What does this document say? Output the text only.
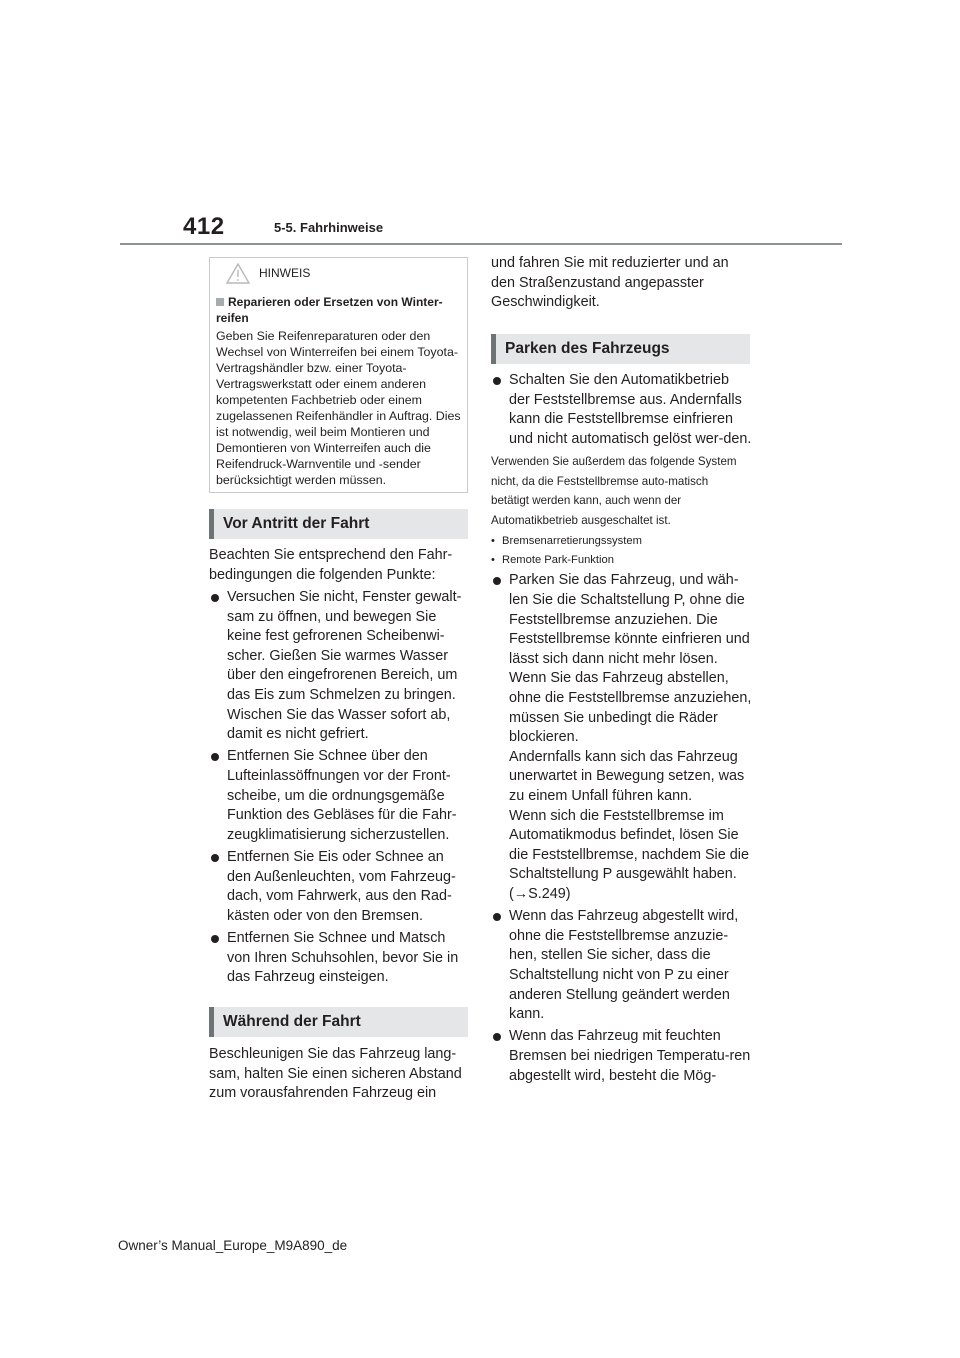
412	5-5. Fahrhinweise
HINWEIS
Reparieren oder Ersetzen von Winter-reifen
Geben Sie Reifenreparaturen oder den Wechsel von Winterreifen bei einem Toyota-Vertragshändler bzw. einer Toyota-Vertragswerkstatt oder einem anderen kompetenten Fachbetrieb oder einem zugelassenen Reifenhändler in Auftrag. Dies ist notwendig, weil beim Montieren und Demontieren von Winterreifen auch die Reifendruck-Warnventile und -sender berücksichtigt werden müssen.
Vor Antritt der Fahrt
Beachten Sie entsprechend den Fahr-bedingungen die folgenden Punkte:
Versuchen Sie nicht, Fenster gewalt-sam zu öffnen, und bewegen Sie keine fest gefrorenen Scheibenwi-scher. Gießen Sie warmes Wasser über den eingefrorenen Bereich, um das Eis zum Schmelzen zu bringen. Wischen Sie das Wasser sofort ab, damit es nicht gefriert.
Entfernen Sie Schnee über den Lufteinlassöffnungen vor der Front-scheibe, um die ordnungsgemäße Funktion des Gebläses für die Fahr-zeugklimatisierung sicherzustellen.
Entfernen Sie Eis oder Schnee an den Außenleuchten, vom Fahrzeug-dach, vom Fahrwerk, aus den Rad-kästen oder von den Bremsen.
Entfernen Sie Schnee und Matsch von Ihren Schuhsohlen, bevor Sie in das Fahrzeug einsteigen.
Während der Fahrt
Beschleunigen Sie das Fahrzeug lang-sam, halten Sie einen sicheren Abstand zum vorausfahrenden Fahrzeug ein
und fahren Sie mit reduzierter und an den Straßenzustand angepasster Geschwindigkeit.
Parken des Fahrzeugs
Schalten Sie den Automatikbetrieb der Feststellbremse aus. Andernfalls kann die Feststellbremse einfrieren und nicht automatisch gelöst wer-den.
Verwenden Sie außerdem das folgende System nicht, da die Feststellbremse auto-matisch betätigt werden kann, auch wenn der Automatikbetrieb ausgeschaltet ist.
• Bremsenarretierungssystem
• Remote Park-Funktion
Parken Sie das Fahrzeug, und wäh-len Sie die Schaltstellung P, ohne die Feststellbremse anzuziehen. Die Feststellbremse könnte einfrieren und lässt sich dann nicht mehr lösen. Wenn Sie das Fahrzeug abstellen, ohne die Feststellbremse anzuziehen, müssen Sie unbedingt die Räder blockieren.
Andernfalls kann sich das Fahrzeug unerwartet in Bewegung setzen, was zu einem Unfall führen kann.
Wenn sich die Feststellbremse im Automatikmodus befindet, lösen Sie die Feststellbremse, nachdem Sie die Schaltstellung P ausgewählt haben. (→S.249)
Wenn das Fahrzeug abgestellt wird, ohne die Feststellbremse anzuzie-hen, stellen Sie sicher, dass die Schaltstellung nicht von P zu einer anderen Stellung geändert werden kann.
Wenn das Fahrzeug mit feuchten Bremsen bei niedrigen Temperatu-ren abgestellt wird, besteht die Mög-
Owner’s Manual_Europe_M9A890_de
